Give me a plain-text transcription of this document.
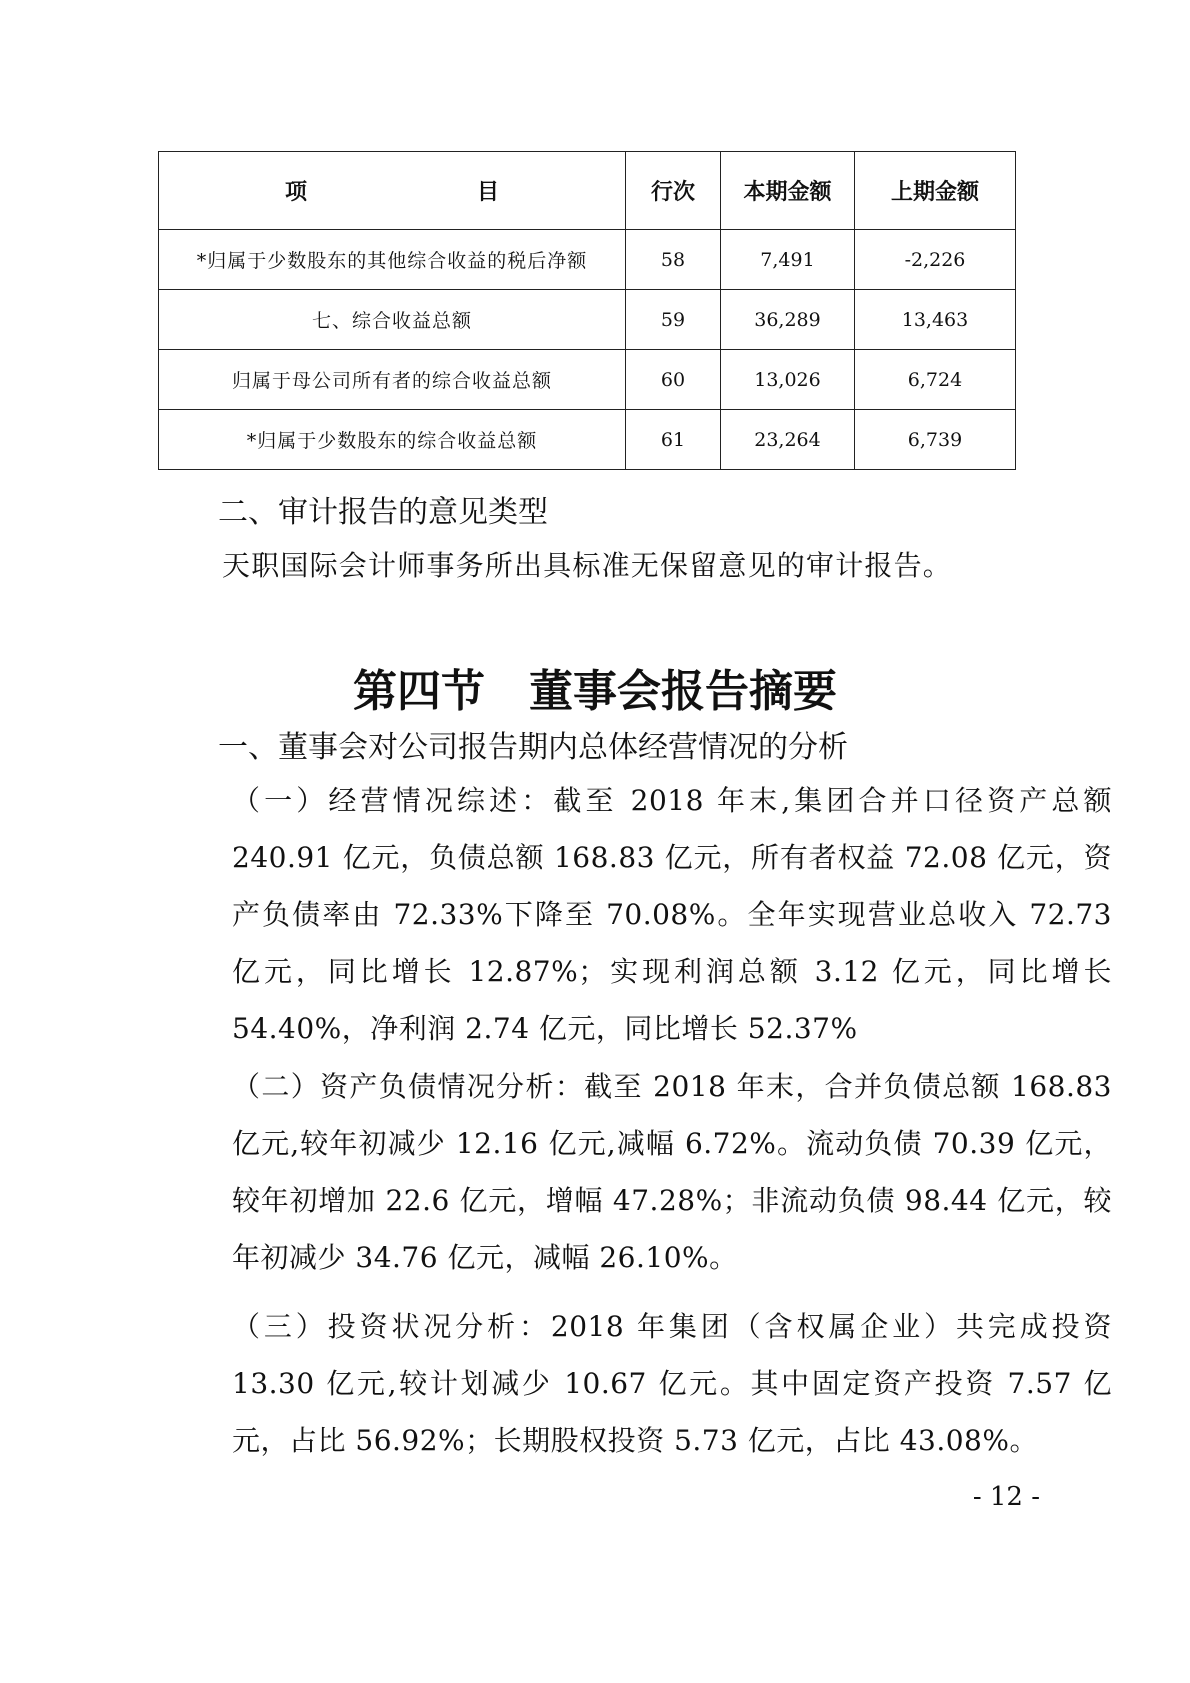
项 目	行次	本期金额	上期金额
*归属于少数股东的其他综合收益的税后净额	58	7,491	-2,226
七、综合收益总额	59	36,289	13,463
归属于母公司所有者的综合收益总额	60	13,026	6,724
*归属于少数股东的综合收益总额	61	23,264	6,739
二、审计报告的意见类型
天职国际会计师事务所出具标准无保留意见的审计报告。
第四节　董事会报告摘要
一、董事会对公司报告期内总体经营情况的分析
（一）经营情况综述：截至 2018 年末,集团合并口径资产总额 240.91 亿元，负债总额 168.83 亿元，所有者权益 72.08 亿元，资产负债率由 72.33%下降至 70.08%。全年实现营业总收入 72.73 亿元，同比增长 12.87%；实现利润总额 3.12 亿元，同比增长 54.40%，净利润 2.74 亿元，同比增长 52.37%
（二）资产负债情况分析：截至 2018 年末，合并负债总额 168.83亿元,较年初减少 12.16 亿元,减幅 6.72%。流动负债 70.39 亿元，较年初增加 22.6 亿元，增幅 47.28%；非流动负债 98.44 亿元，较年初减少 34.76 亿元，减幅 26.10%。
（三）投资状况分析：2018 年集团（含权属企业）共完成投资 13.30 亿元,较计划减少 10.67 亿元。其中固定资产投资 7.57 亿元，占比 56.92%；长期股权投资 5.73 亿元，占比 43.08%。
- 12 -
